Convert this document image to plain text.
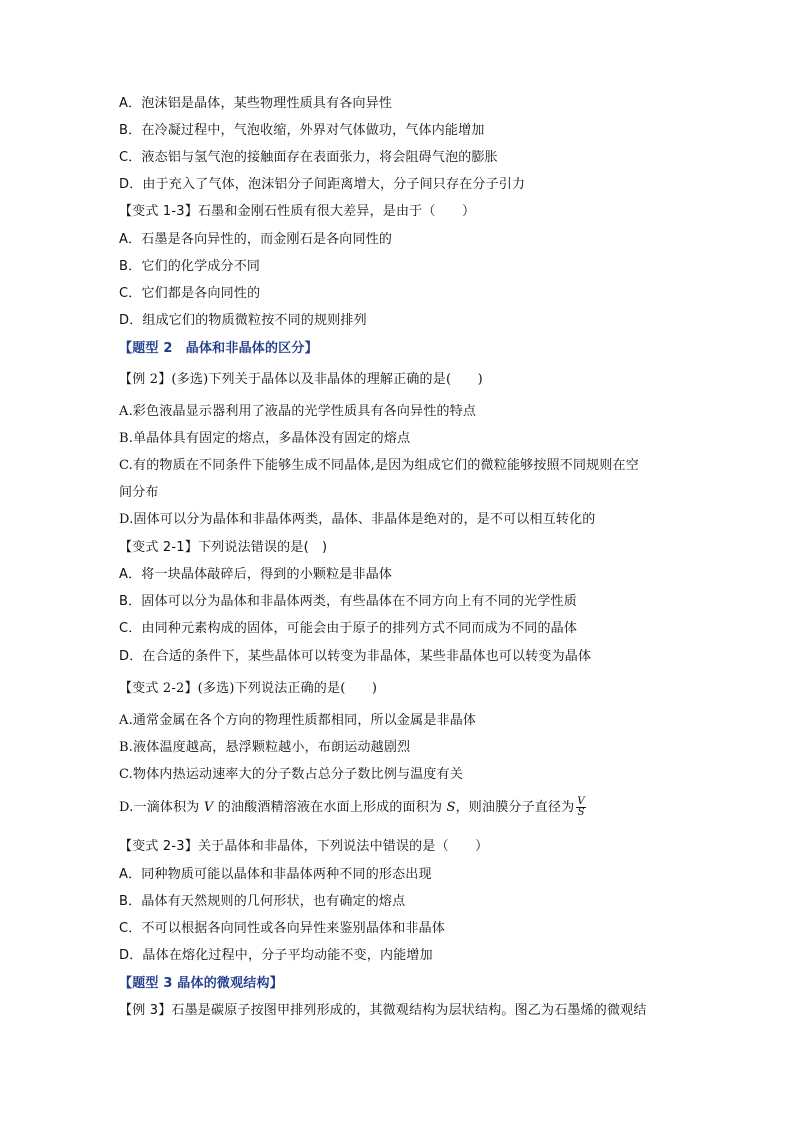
A．泡沫铝是晶体，某些物理性质具有各向异性
B．在冷凝过程中，气泡收缩，外界对气体做功，气体内能增加
C．液态铝与氢气泡的接触面存在表面张力，将会阻碍气泡的膨胀
D．由于充入了气体，泡沫铝分子间距离增大，分子间只存在分子引力
【变式 1-3】石墨和金刚石性质有很大差异，是由于（　　）
A．石墨是各向异性的，而金刚石是各向同性的
B．它们的化学成分不同
C．它们都是各向同性的
D．组成它们的物质微粒按不同的规则排列
【题型 2　晶体和非晶体的区分】
【例 2】(多选)下列关于晶体以及非晶体的理解正确的是(　　)
A.彩色液晶显示器利用了液晶的光学性质具有各向异性的特点
B.单晶体具有固定的熔点，多晶体没有固定的熔点
C.有的物质在不同条件下能够生成不同晶体,是因为组成它们的微粒能够按照不同规则在空
间分布
D.固体可以分为晶体和非晶体两类，晶体、非晶体是绝对的，是不可以相互转化的
【变式 2-1】下列说法错误的是(　)
A．将一块晶体敲碎后，得到的小颗粒是非晶体
B．固体可以分为晶体和非晶体两类，有些晶体在不同方向上有不同的光学性质
C．由同种元素构成的固体，可能会由于原子的排列方式不同而成为不同的晶体
D．在合适的条件下，某些晶体可以转变为非晶体，某些非晶体也可以转变为晶体
【变式 2-2】(多选)下列说法正确的是(　　)
A.通常金属在各个方向的物理性质都相同，所以金属是非晶体
B.液体温度越高，悬浮颗粒越小，布朗运动越剧烈
C.物体内热运动速率大的分子数占总分子数比例与温度有关
D.一滴体积为 V 的油酸酒精溶液在水面上形成的面积为 S，则油膜分子直径为 $\frac{V}{S}$
【变式 2-3】关于晶体和非晶体，下列说法中错误的是（　　）
A．同种物质可能以晶体和非晶体两种不同的形态出现
B．晶体有天然规则的几何形状，也有确定的熔点
C．不可以根据各向同性或各向异性来鉴别晶体和非晶体
D．晶体在熔化过程中，分子平均动能不变，内能增加
【题型 3 晶体的微观结构】
【例 3】石墨是碳原子按图甲排列形成的，其微观结构为层状结构。图乙为石墨烯的微观结
